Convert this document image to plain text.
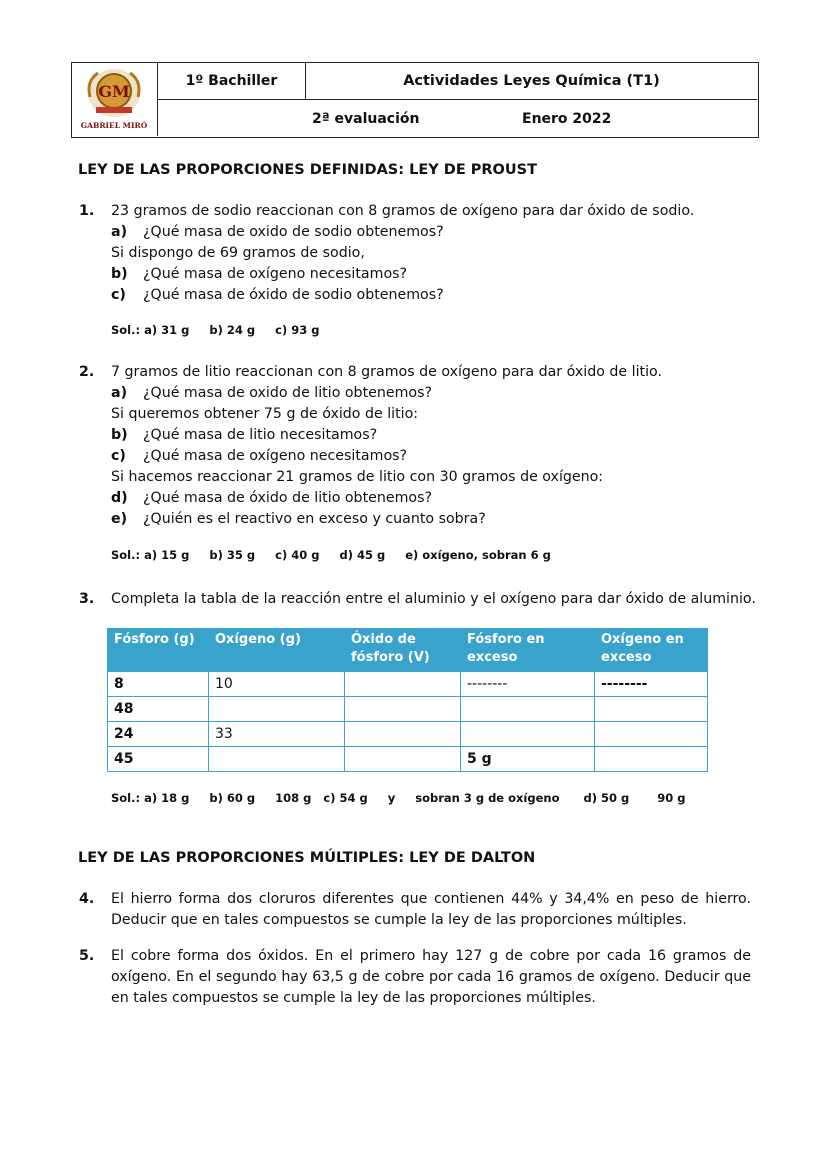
GM
GABRIEL MIRÓ
1º Bachiller	Actividades Leyes Química (T1)
2ª evaluación	Enero 2022
LEY DE LAS PROPORCIONES DEFINIDAS: LEY DE PROUST
1. 23 gramos de sodio reaccionan con 8 gramos de oxígeno para dar óxido de sodio.
a) ¿Qué masa de oxido de sodio obtenemos?
Si dispongo de 69 gramos de sodio,
b) ¿Qué masa de oxígeno necesitamos?
c) ¿Qué masa de óxido de sodio obtenemos?
Sol.: a) 31 g     b) 24 g     c) 93 g
2. 7 gramos de litio reaccionan con 8 gramos de oxígeno para dar óxido de litio.
a) ¿Qué masa de oxido de litio obtenemos?
Si queremos obtener 75 g de óxido de litio:
b) ¿Qué masa de litio necesitamos?
c) ¿Qué masa de oxígeno necesitamos?
Si hacemos reaccionar 21 gramos de litio con 30 gramos de oxígeno:
d) ¿Qué masa de óxido de litio obtenemos?
e) ¿Quién es el reactivo en exceso y cuanto sobra?
Sol.: a) 15 g     b) 35 g     c) 40 g     d) 45 g     e) oxígeno, sobran 6 g
3. Completa la tabla de la reacción entre el aluminio y el oxígeno para dar óxido de aluminio.
Fósforo (g)	Oxígeno (g)	Óxido de fósforo (V)	Fósforo en exceso	Oxígeno en exceso
8	10		--------	--------
48				
24	33			
45			5 g	
Sol.: a) 18 g     b) 60 g     108 g   c) 54 g     y     sobran 3 g de oxígeno      d) 50 g       90 g
LEY DE LAS PROPORCIONES MÚLTIPLES: LEY DE DALTON
4. El hierro forma dos cloruros diferentes que contienen 44% y 34,4% en peso de hierro. Deducir que en tales compuestos se cumple la ley de las proporciones múltiples.
5. El cobre forma dos óxidos. En el primero hay 127 g de cobre por cada 16 gramos de oxígeno. En el segundo hay 63,5 g de cobre por cada 16 gramos de oxígeno. Deducir que en tales compuestos se cumple la ley de las proporciones múltiples.
